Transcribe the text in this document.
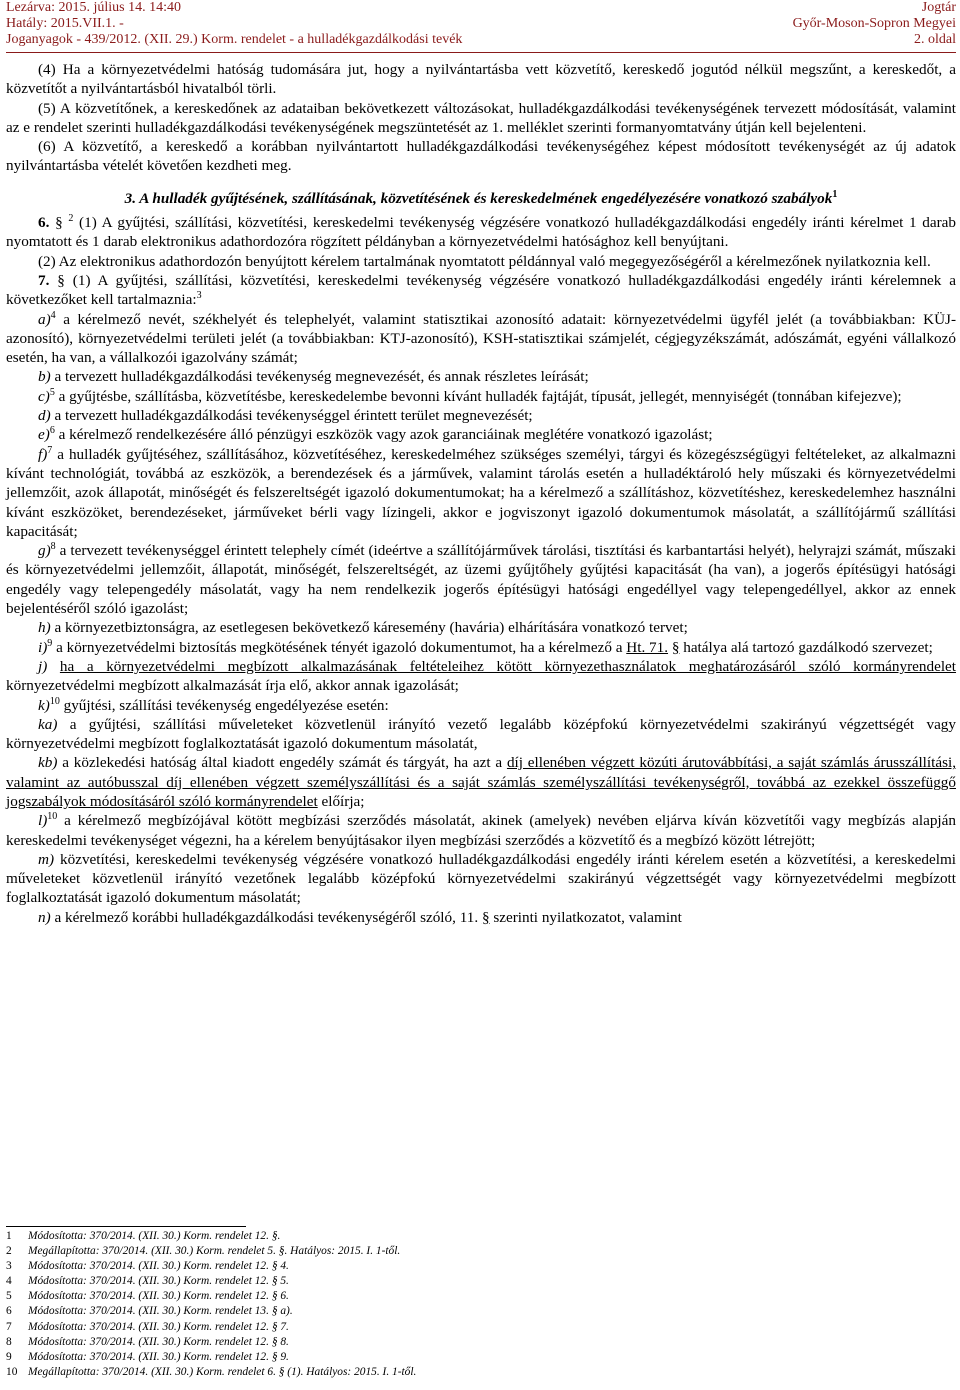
Lezárva: 2015. július 14. 14:40
Hatály: 2015.VII.1. -
Joganyagok - 439/2012. (XII. 29.) Korm. rendelet - a hulladékgazdálkodási tevék
Jogtár
Győr-Moson-Sopron Megyei
2. oldal

(4) Ha a környezetvédelmi hatóság tudomására jut, hogy a nyilvántartásba vett közvetítő, kereskedő jogutód nélkül megszűnt, a kereskedőt, a közvetítőt a nyilvántartásból hivatalból törli.

(5) A közvetítőnek, a kereskedőnek az adataiban bekövetkezett változásokat, hulladékgazdálkodási tevékenységének tervezett módosítását, valamint az e rendelet szerinti hulladékgazdálkodási tevékenységének megszüntetését az 1. melléklet szerinti formanyomtatvány útján kell bejelenteni.

(6) A közvetítő, a kereskedő a korábban nyilvántartott hulladékgazdálkodási tevékenységéhez képest módosított tevékenységét az új adatok nyilvántartásba vételét követően kezdheti meg.

3. A hulladék gyűjtésének, szállításának, közvetítésének és kereskedelmének engedélyezésére vonatkozó szabályok$^1$

6. § $^2$ (1) A gyűjtési, szállítási, közvetítési, kereskedelmi tevékenység végzésére vonatkozó hulladékgazdálkodási engedély iránti kérelmet 1 darab nyomtatott és 1 darab elektronikus adathordozóra rögzített példányban a környezetvédelmi hatósághoz kell benyújtani.

(2) Az elektronikus adathordozón benyújtott kérelem tartalmának nyomtatott példánnyal való megegyezőségéről a kérelmezőnek nyilatkoznia kell.

7. § (1) A gyűjtési, szállítási, közvetítési, kereskedelmi tevékenység végzésére vonatkozó hulladékgazdálkodási engedély iránti kérelemnek a következőket kell tartalmaznia:$^3$

a)$^4$ a kérelmező nevét, székhelyét és telephelyét, valamint statisztikai azonosító adatait: környezetvédelmi ügyfél jelét (a továbbiakban: KÜJ-azonosító), környezetvédelmi területi jelét (a továbbiakban: KTJ-azonosító), KSH-statisztikai számjelét, cégjegyzékszámát, adószámát, egyéni vállalkozó esetén, ha van, a vállalkozói igazolvány számát;

b) a tervezett hulladékgazdálkodási tevékenység megnevezését, és annak részletes leírását;

c)$^5$ a gyűjtésbe, szállításba, közvetítésbe, kereskedelembe bevonni kívánt hulladék fajtáját, típusát, jellegét, mennyiségét (tonnában kifejezve);

d) a tervezett hulladékgazdálkodási tevékenységgel érintett terület megnevezését;

e)$^6$ a kérelmező rendelkezésére álló pénzügyi eszközök vagy azok garanciáinak meglétére vonatkozó igazolást;

f)$^7$ a hulladék gyűjtéséhez, szállításához, közvetítéséhez, kereskedelméhez szükséges személyi, tárgyi és közegészségügyi feltételeket, az alkalmazni kívánt technológiát, továbbá az eszközök, a berendezések és a járművek, valamint tárolás esetén a hulladéktároló hely műszaki és környezetvédelmi jellemzőit, azok állapotát, minőségét és felszereltségét igazoló dokumentumokat; ha a kérelmező a szállításhoz, közvetítéshez, kereskedelemhez használni kívánt eszközöket, berendezéseket, járműveket bérli vagy lízingeli, akkor e jogviszonyt igazoló dokumentumok másolatát, a szállítójármű szállítási kapacitását;

g)$^8$ a tervezett tevékenységgel érintett telephely címét (ideértve a szállítójárművek tárolási, tisztítási és karbantartási helyét), helyrajzi számát, műszaki és környezetvédelmi jellemzőit, állapotát, minőségét, felszereltségét, az üzemi gyűjtőhely gyűjtési kapacitását (ha van), a jogerős építésügyi hatósági engedély vagy telepengedély másolatát, vagy ha nem rendelkezik jogerős építésügyi hatósági engedéllyel vagy telepengedéllyel, akkor az ennek bejelentéséről szóló igazolást;

h) a környezetbiztonságra, az esetlegesen bekövetkező káresemény (havária) elhárítására vonatkozó tervet;

i)$^9$ a környezetvédelmi biztosítás megkötésének tényét igazoló dokumentumot, ha a kérelmező a Ht. 71. § hatálya alá tartozó gazdálkodó szervezet;

j) ha a környezetvédelmi megbízott alkalmazásának feltételeihez kötött környezethasználatok meghatározásáról szóló kormányrendelet környezetvédelmi megbízott alkalmazását írja elő, akkor annak igazolását;

k)$^{10}$ gyűjtési, szállítási tevékenység engedélyezése esetén:

ka) a gyűjtési, szállítási műveleteket közvetlenül irányító vezető legalább középfokú környezetvédelmi szakirányú végzettségét vagy környezetvédelmi megbízott foglalkoztatását igazoló dokumentum másolatát,

kb) a közlekedési hatóság által kiadott engedély számát és tárgyát, ha azt a díj ellenében végzett közúti árutovábbítási, a saját számlás árusszállítási, valamint az autóbusszal díj ellenében végzett személyszállítási és a saját számlás személyszállítási tevékenységről, továbbá az ezekkel összefüggő jogszabályok módosításáról szóló kormányrendelet előírja;

l)$^{10}$ a kérelmező megbízójával kötött megbízási szerződés másolatát, akinek (amelyek) nevében eljárva kíván közvetítői vagy megbízás alapján kereskedelmi tevékenységet végezni, ha a kérelem benyújtásakor ilyen megbízási szerződés a közvetítő és a megbízó között létrejött;

m) közvetítési, kereskedelmi tevékenység végzésére vonatkozó hulladékgazdálkodási engedély iránti kérelem esetén a közvetítési, a kereskedelmi műveleteket közvetlenül irányító vezetőnek legalább középfokú környezetvédelmi szakirányú végzettségét vagy környezetvédelmi megbízott foglalkoztatását igazoló dokumentum másolatát;

n) a kérelmező korábbi hulladékgazdálkodási tevékenységéről szóló, 11. § szerinti nyilatkozatot, valamint

1	Módosította: 370/2014. (XII. 30.) Korm. rendelet 12. §.
2	Megállapította: 370/2014. (XII. 30.) Korm. rendelet 5. §. Hatályos: 2015. I. 1-től.
3	Módosította: 370/2014. (XII. 30.) Korm. rendelet 12. § 4.
4	Módosította: 370/2014. (XII. 30.) Korm. rendelet 12. § 5.
5	Módosította: 370/2014. (XII. 30.) Korm. rendelet 12. § 6.
6	Módosította: 370/2014. (XII. 30.) Korm. rendelet 13. § a).
7	Módosította: 370/2014. (XII. 30.) Korm. rendelet 12. § 7.
8	Módosította: 370/2014. (XII. 30.) Korm. rendelet 12. § 8.
9	Módosította: 370/2014. (XII. 30.) Korm. rendelet 12. § 9.
10 Megállapította: 370/2014. (XII. 30.) Korm. rendelet 6. § (1). Hatályos: 2015. I. 1-től.
